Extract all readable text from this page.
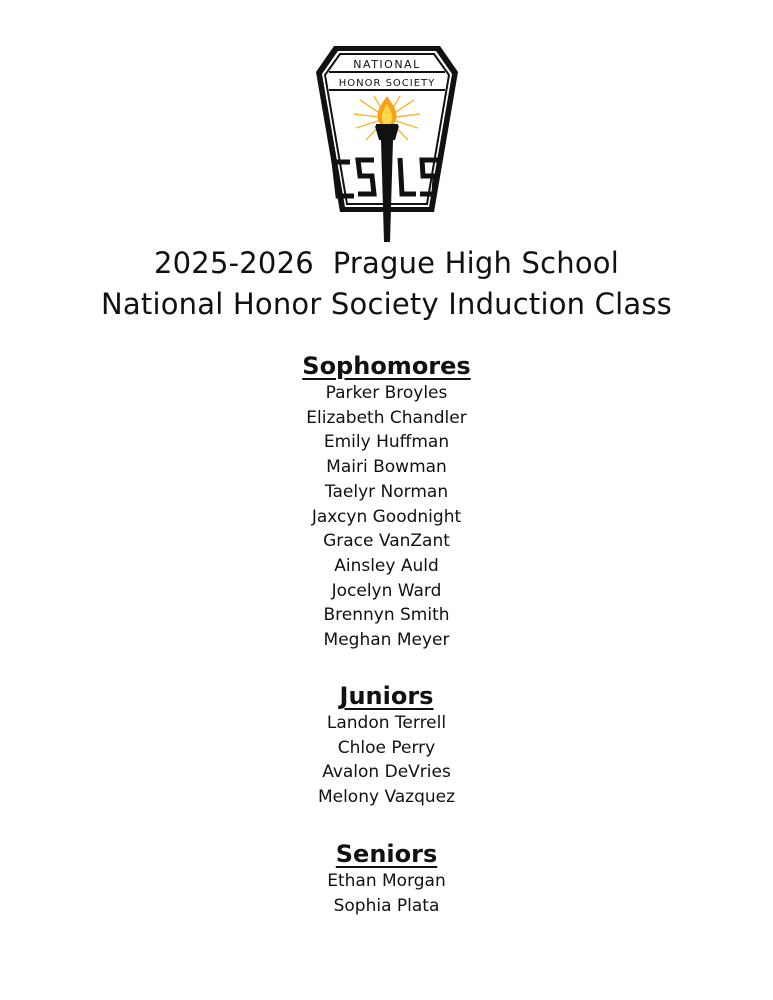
NATIONAL
HONOR SOCIETY
2025-2026  Prague High School
National Honor Society Induction Class
Sophomores
Parker Broyles
Elizabeth Chandler
Emily Huffman
Mairi Bowman
Taelyr Norman
Jaxcyn Goodnight
Grace VanZant
Ainsley Auld
Jocelyn Ward
Brennyn Smith
Meghan Meyer
Juniors
Landon Terrell
Chloe Perry
Avalon DeVries
Melony Vazquez
Seniors
Ethan Morgan
Sophia Plata
